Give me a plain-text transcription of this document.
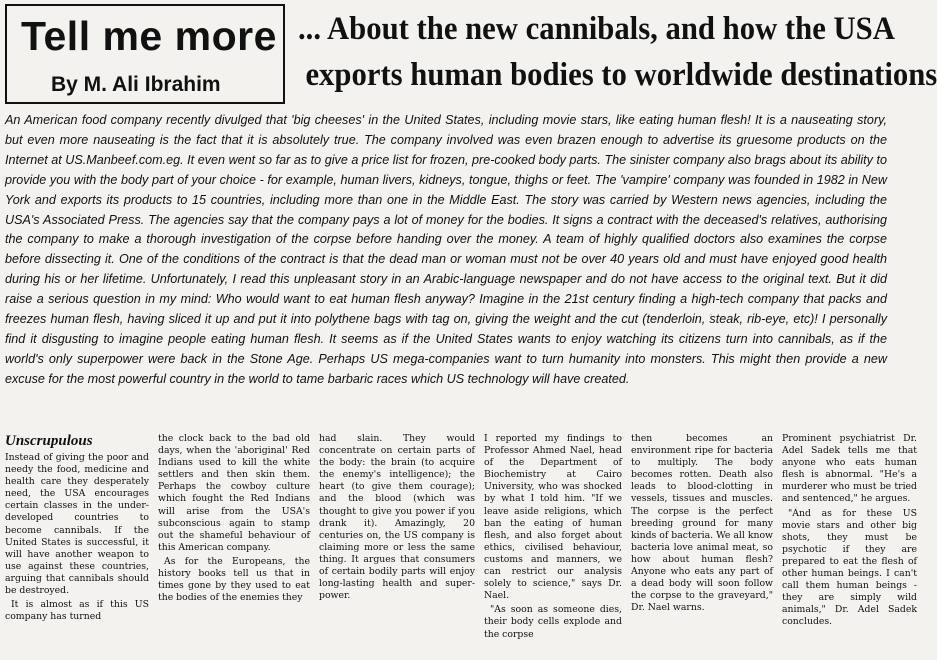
Tell me more
By M. Ali Ibrahim
... About the new cannibals, and how the USA
exports human bodies to worldwide destinations

An American food company recently divulged that 'big cheeses' in the United States, including movie stars, like eating human flesh! It is a nauseating story, but even more nauseating is the fact that it is absolutely true. The company involved was even brazen enough to advertise its gruesome products on the Internet at US.Manbeef.com.eg. It even went so far as to give a price list for frozen, pre-cooked body parts. The sinister company also brags about its ability to provide you with the body part of your choice - for example, human livers, kidneys, tongue, thighs or feet. The 'vampire' company was founded in 1982 in New York and exports its products to 15 countries, including more than one in the Middle East. The story was carried by Western news agencies, including the USA's Associated Press. The agencies say that the company pays a lot of money for the bodies. It signs a contract with the deceased's relatives, authorising the company to make a thorough investigation of the corpse before handing over the money. A team of highly qualified doctors also examines the corpse before dissecting it. One of the conditions of the contract is that the dead man or woman must not be over 40 years old and must have enjoyed good health during his or her lifetime. Unfortunately, I read this unpleasant story in an Arabic-language newspaper and do not have access to the original text. But it did raise a serious question in my mind: Who would want to eat human flesh anyway? Imagine in the 21st century finding a high-tech company that packs and freezes human flesh, having sliced it up and put it into polythene bags with tag on, giving the weight and the cut (tenderloin, steak, rib-eye, etc)! I personally find it disgusting to imagine people eating human flesh. It seems as if the United States wants to enjoy watching its citizens turn into cannibals, as if the world's only superpower were back in the Stone Age. Perhaps US mega-companies want to turn humanity into monsters. This might then provide a new excuse for the most powerful country in the world to tame barbaric races which US technology will have created.

Unscrupulous

Instead of giving the poor and needy the food, medicine and health care they desperately need, the USA encourages certain classes in the under-developed countries to become cannibals. If the United States is successful, it will have another weapon to use against these countries, arguing that cannibals should be destroyed.

It is almost as if this US company has turned

the clock back to the bad old days, when the 'aboriginal' Red Indians used to kill the white settlers and then skin them. Perhaps the cowboy culture which fought the Red Indians will arise from the USA's subconscious again to stamp out the shameful behaviour of this American company.

As for the Europeans, the history books tell us that in times gone by they used to eat the bodies of the enemies they

had slain. They would concentrate on certain parts of the body: the brain (to acquire the enemy's intelligence); the heart (to give them courage); and the blood (which was thought to give you power if you drank it). Amazingly, 20 centuries on, the US company is claiming more or less the same thing. It argues that consumers of certain bodily parts will enjoy long-lasting health and super-power.

I reported my findings to Professor Ahmed Nael, head of the Department of Biochemistry at Cairo University, who was shocked by what I told him. "If we leave aside religions, which ban the eating of human flesh, and also forget about ethics, civilised behaviour, customs and manners, we can restrict our analysis solely to science," says Dr. Nael.

"As soon as someone dies, their body cells explode and the corpse

then becomes an environment ripe for bacteria to multiply. The body becomes rotten. Death also leads to blood-clotting in vessels, tissues and muscles. The corpse is the perfect breeding ground for many kinds of bacteria. We all know bacteria love animal meat, so how about human flesh? Anyone who eats any part of a dead body will soon follow the corpse to the graveyard," Dr. Nael warns.

Prominent psychiatrist Dr. Adel Sadek tells me that anyone who eats human flesh is abnormal. "He's a murderer who must be tried and sentenced," he argues.

"And as for these US movie stars and other big shots, they must be psychotic if they are prepared to eat the flesh of other human beings. I can't call them human beings - they are simply wild animals," Dr. Adel Sadek concludes.
